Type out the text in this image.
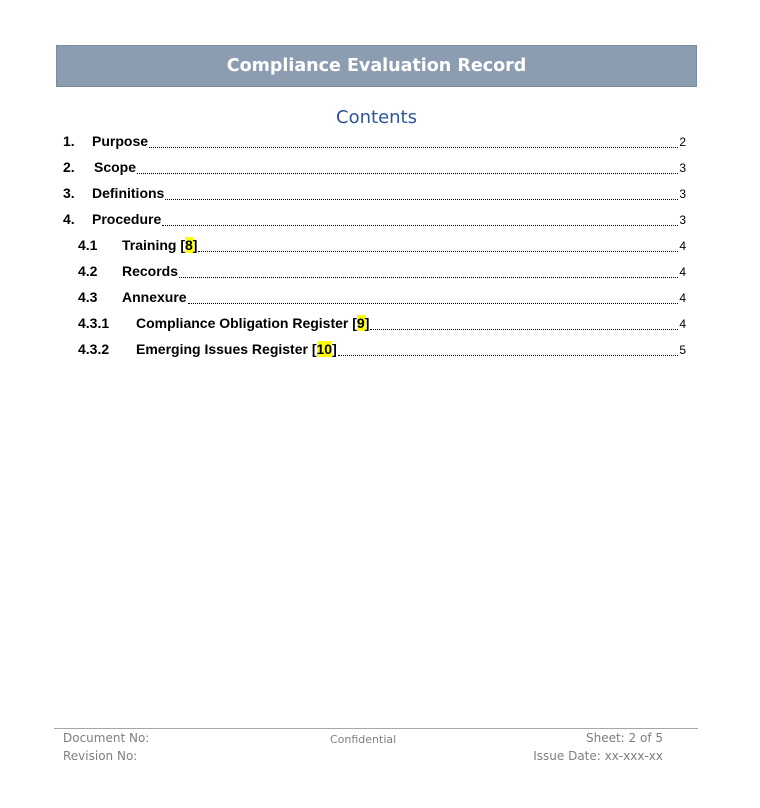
Compliance Evaluation Record
Contents
1.	Purpose	2
2.	Scope	3
3.	Definitions	3
4.	Procedure	3
4.1	Training [8]	4
4.2	Records	4
4.3	Annexure	4
4.3.1	Compliance Obligation Register [9]	4
4.3.2	Emerging Issues Register [10]	5
Document No:
Revision No:
Confidential	Sheet: 2 of 5
Issue Date: xx-xxx-xx
